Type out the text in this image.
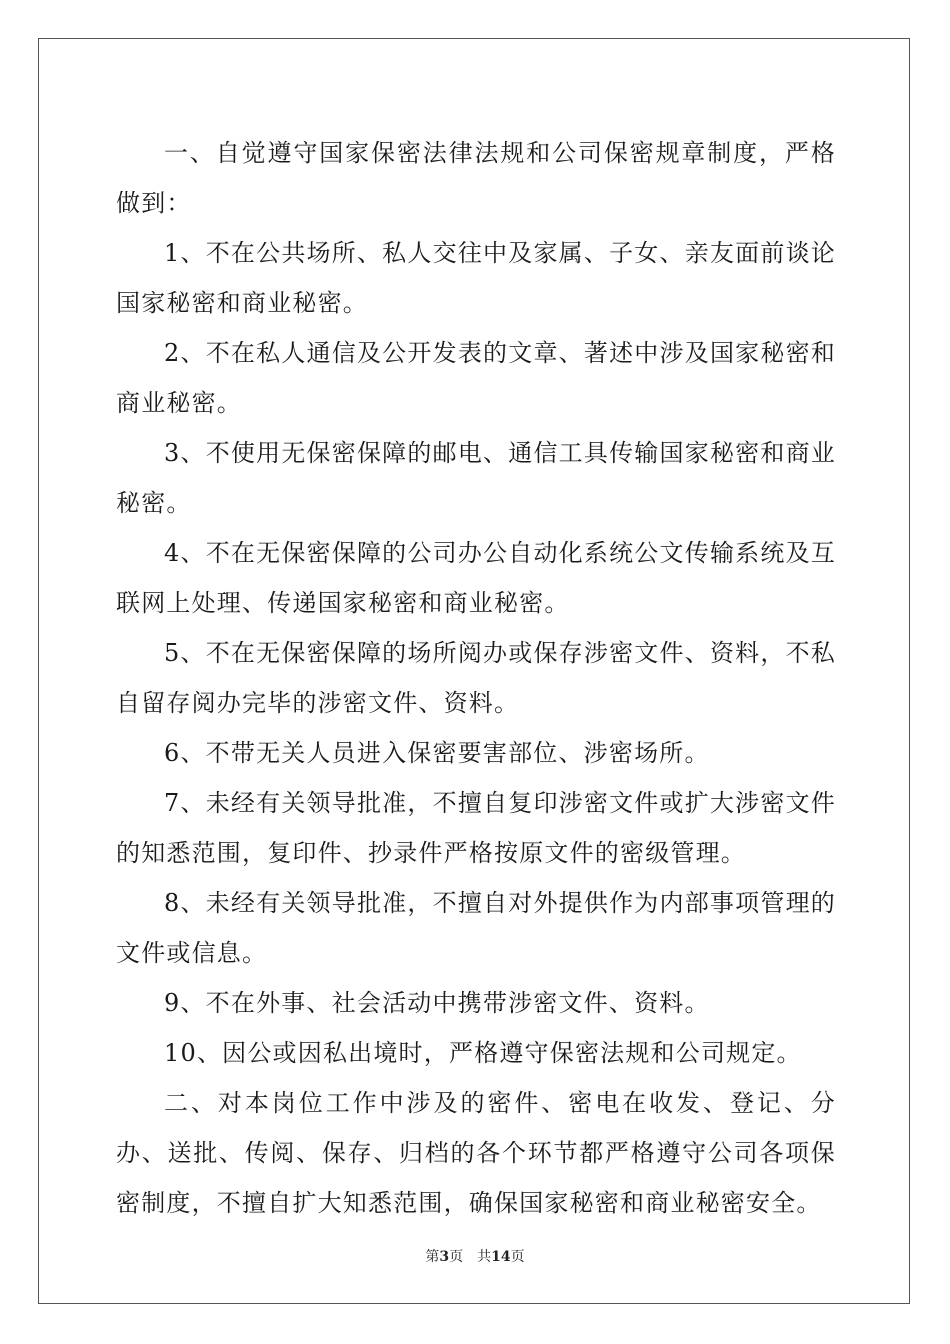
一、自觉遵守国家保密法律法规和公司保密规章制度，严格做到：

1、不在公共场所、私人交往中及家属、子女、亲友面前谈论国家秘密和商业秘密。

2、不在私人通信及公开发表的文章、著述中涉及国家秘密和商业秘密。

3、不使用无保密保障的邮电、通信工具传输国家秘密和商业秘密。

4、不在无保密保障的公司办公自动化系统公文传输系统及互联网上处理、传递国家秘密和商业秘密。

5、不在无保密保障的场所阅办或保存涉密文件、资料，不私自留存阅办完毕的涉密文件、资料。

6、不带无关人员进入保密要害部位、涉密场所。

7、未经有关领导批准，不擅自复印涉密文件或扩大涉密文件的知悉范围，复印件、抄录件严格按原文件的密级管理。

8、未经有关领导批准，不擅自对外提供作为内部事项管理的文件或信息。

9、不在外事、社会活动中携带涉密文件、资料。

10、因公或因私出境时，严格遵守保密法规和公司规定。

二、对本岗位工作中涉及的密件、密电在收发、登记、分办、送批、传阅、保存、归档的各个环节都严格遵守公司各项保密制度，不擅自扩大知悉范围，确保国家秘密和商业秘密安全。

第3页　共14页
